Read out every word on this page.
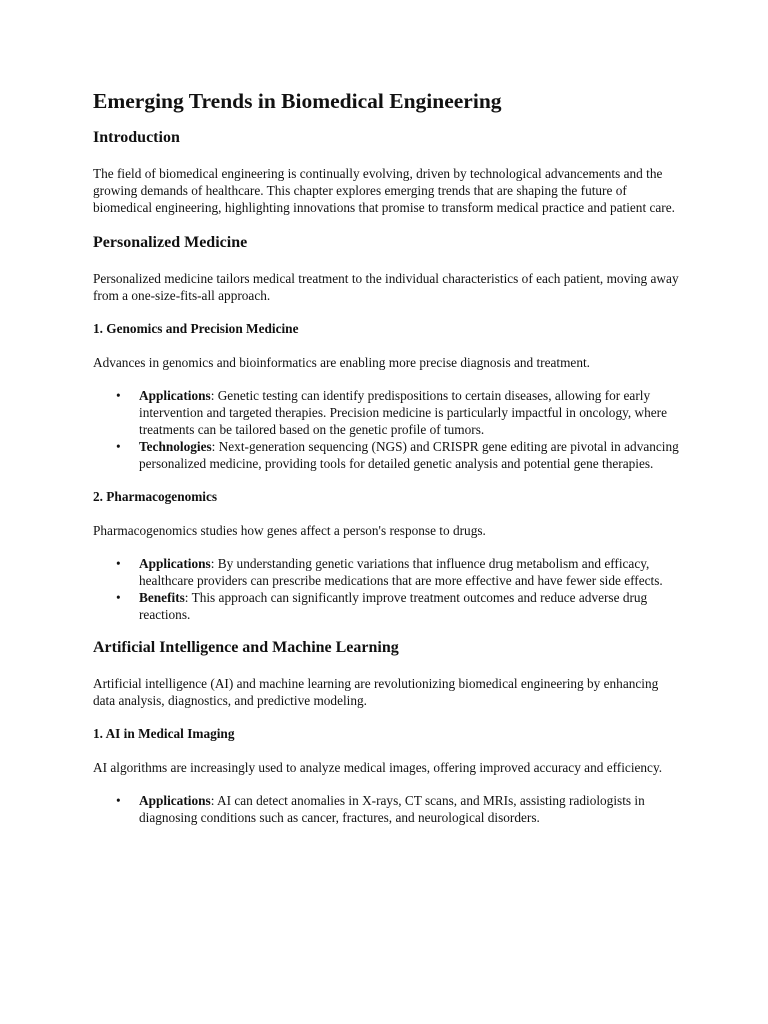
Emerging Trends in Biomedical Engineering
Introduction

The field of biomedical engineering is continually evolving, driven by technological advancements and the growing demands of healthcare. This chapter explores emerging trends that are shaping the future of biomedical engineering, highlighting innovations that promise to transform medical practice and patient care.

Personalized Medicine

Personalized medicine tailors medical treatment to the individual characteristics of each patient, moving away from a one-size-fits-all approach.

1. Genomics and Precision Medicine

Advances in genomics and bioinformatics are enabling more precise diagnosis and treatment.

• Applications: Genetic testing can identify predispositions to certain diseases, allowing for early intervention and targeted therapies. Precision medicine is particularly impactful in oncology, where treatments can be tailored based on the genetic profile of tumors.
• Technologies: Next-generation sequencing (NGS) and CRISPR gene editing are pivotal in advancing personalized medicine, providing tools for detailed genetic analysis and potential gene therapies.
2. Pharmacogenomics

Pharmacogenomics studies how genes affect a person's response to drugs.

• Applications: By understanding genetic variations that influence drug metabolism and efficacy, healthcare providers can prescribe medications that are more effective and have fewer side effects.
• Benefits: This approach can significantly improve treatment outcomes and reduce adverse drug reactions.
Artificial Intelligence and Machine Learning

Artificial intelligence (AI) and machine learning are revolutionizing biomedical engineering by enhancing data analysis, diagnostics, and predictive modeling.

1. AI in Medical Imaging

AI algorithms are increasingly used to analyze medical images, offering improved accuracy and efficiency.

• Applications: AI can detect anomalies in X-rays, CT scans, and MRIs, assisting radiologists in diagnosing conditions such as cancer, fractures, and neurological disorders.
